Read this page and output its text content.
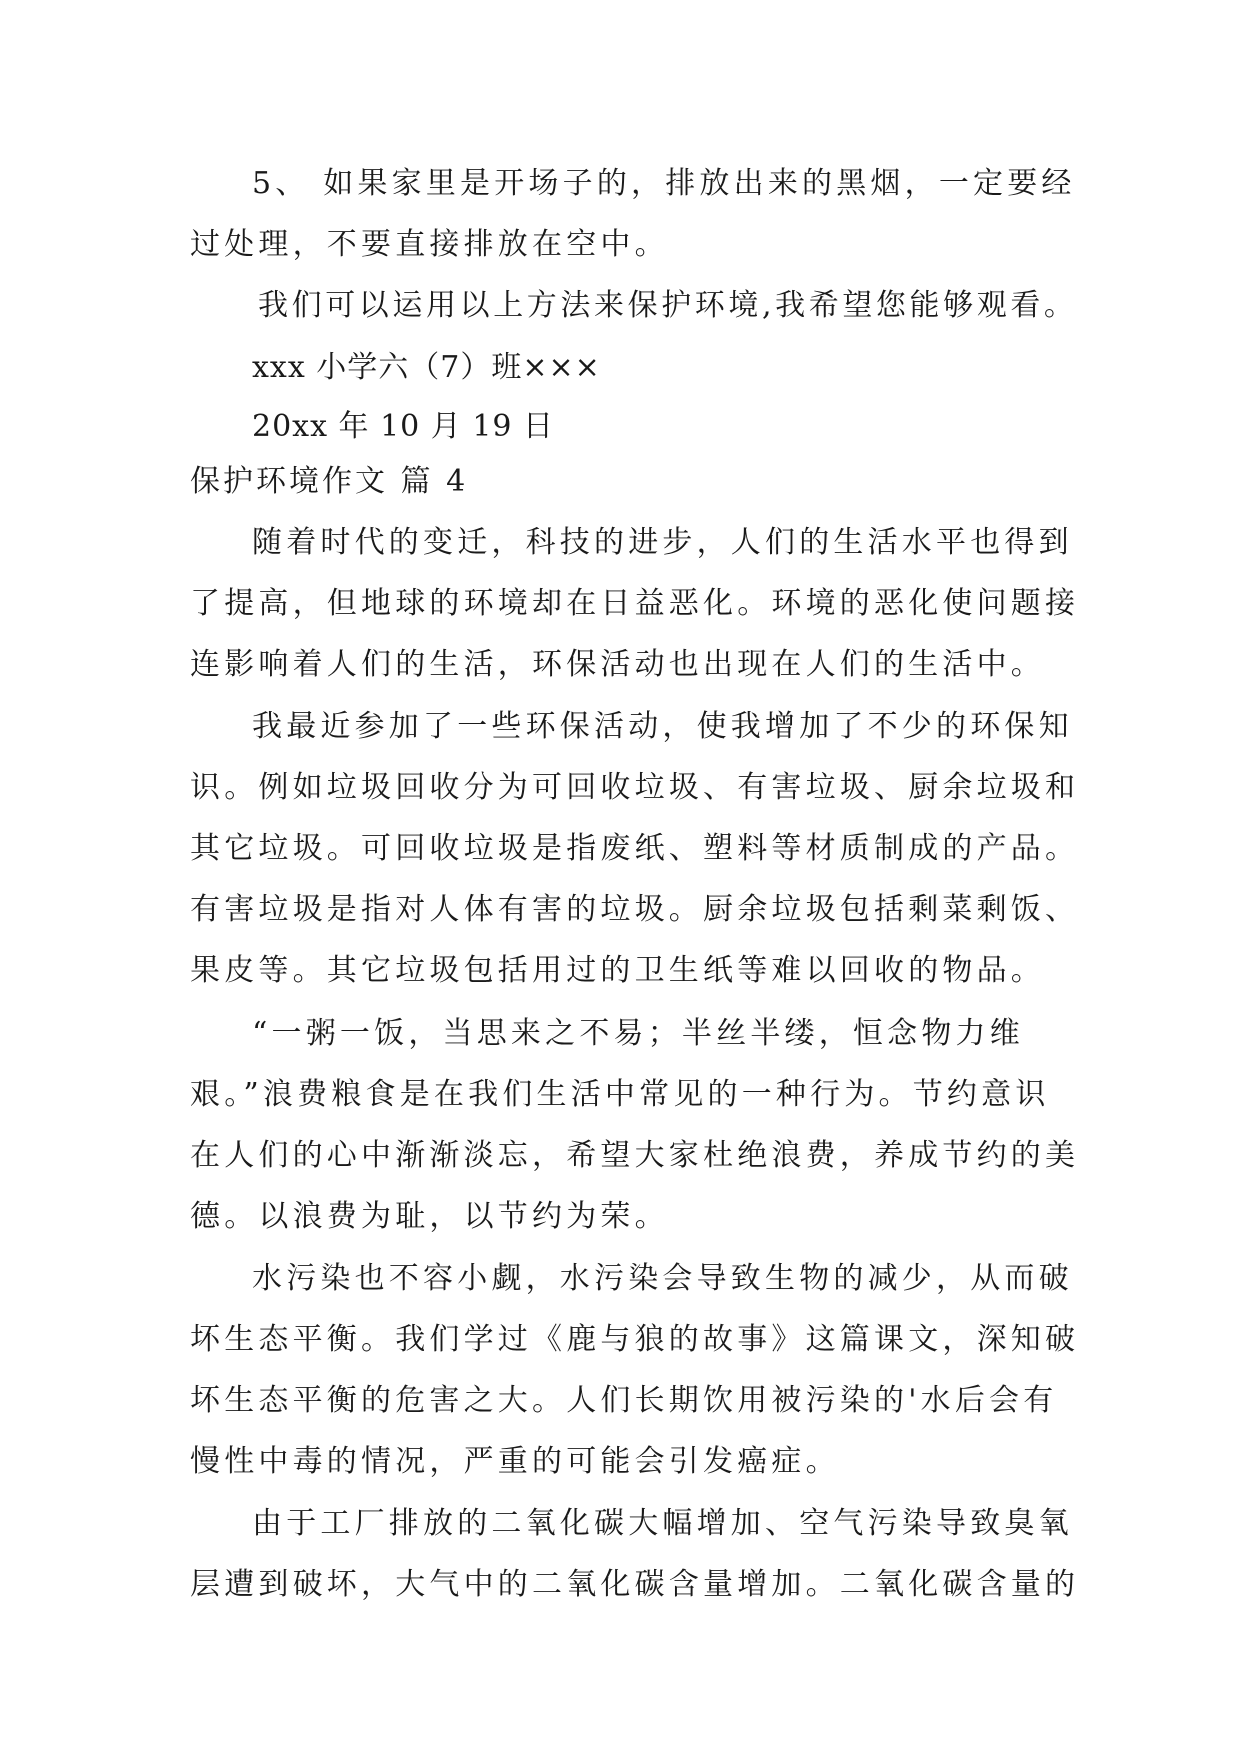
5、 如果家里是开场子的，排放出来的黑烟，一定要经
过处理，不要直接排放在空中。
我们可以运用以上方法来保护环境,我希望您能够观看。
xxx 小学六（7）班×××
20xx 年 10 月 19 日
保护环境作文 篇 4
随着时代的变迁，科技的进步，人们的生活水平也得到
了提高，但地球的环境却在日益恶化。环境的恶化使问题接
连影响着人们的生活，环保活动也出现在人们的生活中。
我最近参加了一些环保活动，使我增加了不少的环保知
识。例如垃圾回收分为可回收垃圾、有害垃圾、厨余垃圾和
其它垃圾。可回收垃圾是指废纸、塑料等材质制成的产品。
有害垃圾是指对人体有害的垃圾。厨余垃圾包括剩菜剩饭、
果皮等。其它垃圾包括用过的卫生纸等难以回收的物品。
“一粥一饭，当思来之不易；半丝半缕，恒念物力维
艰。”浪费粮食是在我们生活中常见的一种行为。节约意识
在人们的心中渐渐淡忘，希望大家杜绝浪费，养成节约的美
德。以浪费为耻，以节约为荣。
水污染也不容小觑，水污染会导致生物的减少，从而破
坏生态平衡。我们学过《鹿与狼的故事》这篇课文，深知破
坏生态平衡的危害之大。人们长期饮用被污染的'水后会有
慢性中毒的情况，严重的可能会引发癌症。
由于工厂排放的二氧化碳大幅增加、空气污染导致臭氧
层遭到破坏，大气中的二氧化碳含量增加。二氧化碳含量的
